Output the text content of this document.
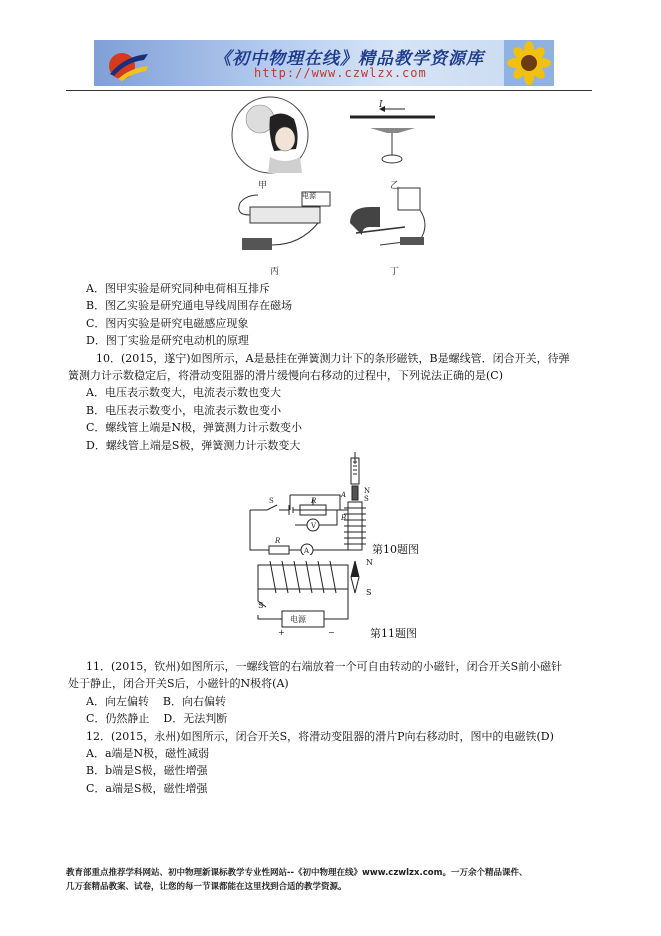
《初中物理在线》精品教学资源库
http://www.czwlzx.com
甲	乙
丙	丁
I
电源
A．图甲实验是研究同种电荷相互排斥
B．图乙实验是研究通电导线周围存在磁场
C．图丙实验是研究电磁感应现象
D．图丁实验是研究电动机的原理
10．(2015，遂宁)如图所示，A是悬挂在弹簧测力计下的条形磁铁，B是螺线管．闭合开关，待弹
簧测力计示数稳定后，将滑动变阻器的滑片缓慢向右移动的过程中，下列说法正确的是(C)
A．电压表示数变大，电流表示数也变大
B．电压表示数变小，电流表示数也变小
C．螺线管上端是N极，弹簧测力计示数变小
D．螺线管上端是S极，弹簧测力计示数变大
S
V
A
R
R
A	N
S
B
第10题图
N
S
S
电源
+	−	第11题图
11．(2015，钦州)如图所示，一螺线管的右端放着一个可自由转动的小磁针，闭合开关S前小磁针
处于静止，闭合开关S后，小磁针的N极将(A)
A．向左偏转    B．向右偏转
C．仍然静止    D．无法判断
12．(2015，永州)如图所示，闭合开关S，将滑动变阻器的滑片P向右移动时，图中的电磁铁(D)
A．a端是N极，磁性减弱
B．b端是S极，磁性增强
C．a端是S极，磁性增强
教育部重点推荐学科网站、初中物理新课标教学专业性网站--《初中物理在线》www.czwlzx.com。一万余个精品课件、
几万套精品教案、试卷，让您的每一节课都能在这里找到合适的教学资源。
